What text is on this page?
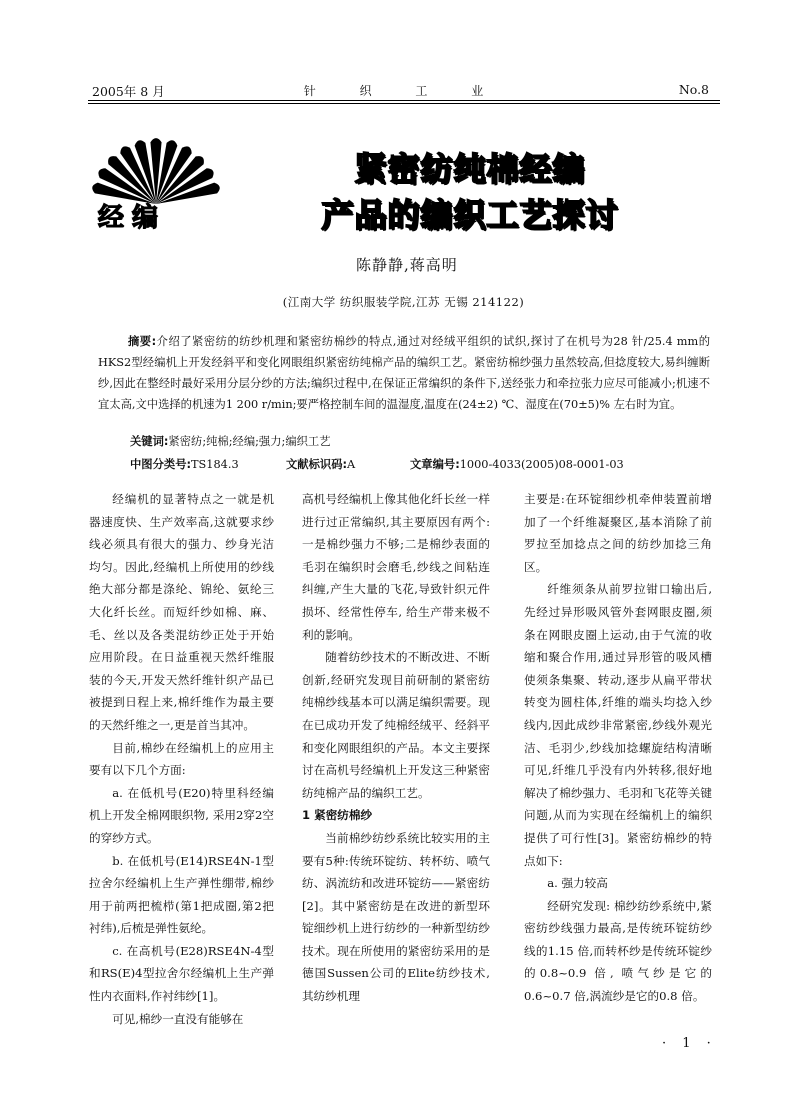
2005年 8 月	针 织 工 业	No.8
经编
紧密纺纯棉经编
产品的编织工艺探讨
陈静静,蒋高明
(江南大学 纺织服装学院,江苏 无锡 214122)
摘要:介绍了紧密纺的纺纱机理和紧密纺棉纱的特点,通过对经绒平组织的试织,探讨了在机号为28 针/25.4 mm的HKS2型经编机上开发经斜平和变化网眼组织紧密纺纯棉产品的编织工艺。紧密纺棉纱强力虽然较高,但捻度较大,易纠缠断纱,因此在整经时最好采用分层分纱的方法;编织过程中,在保证正常编织的条件下,送经张力和牵拉张力应尽可能减小;机速不宜太高,文中选择的机速为1 200 r/min;要严格控制车间的温湿度,温度在(24±2) ℃、湿度在(70±5)% 左右时为宜。
关键词:紧密纺;纯棉;经编;强力;编织工艺
中图分类号:TS184.3	文献标识码:A	文章编号:1000-4033(2005)08-0001-03

经编机的显著特点之一就是机器速度快、生产效率高,这就要求纱线必须具有很大的强力、纱身光洁均匀。因此,经编机上所使用的纱线绝大部分都是涤纶、锦纶、氨纶三大化纤长丝。而短纤纱如棉、麻、毛、丝以及各类混纺纱正处于开始应用阶段。在日益重视天然纤维服装的今天,开发天然纤维针织产品已被提到日程上来,棉纤维作为最主要的天然纤维之一,更是首当其冲。

目前,棉纱在经编机上的应用主要有以下几个方面:

a. 在低机号(E20)特里科经编机上开发全棉网眼织物, 采用2穿2空的穿纱方式。

b. 在低机号(E14)RSE4N-1型拉舍尔经编机上生产弹性绷带,棉纱用于前两把梳栉(第1把成圈,第2把衬纬),后梳是弹性氨纶。

c. 在高机号(E28)RSE4N-4型和RS(E)4型拉舍尔经编机上生产弹性内衣面料,作衬纬纱[1]。

可见,棉纱一直没有能够在

高机号经编机上像其他化纤长丝一样进行过正常编织,其主要原因有两个:一是棉纱强力不够;二是棉纱表面的毛羽在编织时会磨毛,纱线之间粘连纠缠,产生大量的飞花,导致针织元件损坏、经常性停车, 给生产带来极不利的影响。

随着纺纱技术的不断改进、不断创新,经研究发现目前研制的紧密纺纯棉纱线基本可以满足编织需要。现在已成功开发了纯棉经绒平、经斜平和变化网眼组织的产品。本文主要探讨在高机号经编机上开发这三种紧密纺纯棉产品的编织工艺。

1 紧密纺棉纱

当前棉纱纺纱系统比较实用的主要有5种:传统环锭纺、转杯纺、喷气纺、涡流纺和改进环锭纺——紧密纺[2]。其中紧密纺是在改进的新型环锭细纱机上进行纺纱的一种新型纺纱技术。现在所使用的紧密纺采用的是德国Sussen公司的Elite纺纱技术,其纺纱机理

主要是:在环锭细纱机牵伸装置前增加了一个纤维凝聚区,基本消除了前罗拉至加捻点之间的纺纱加捻三角区。

纤维须条从前罗拉钳口输出后,先经过异形吸风管外套网眼皮圈,须条在网眼皮圈上运动,由于气流的收缩和聚合作用,通过异形管的吸风槽使须条集聚、转动,逐步从扁平带状转变为圆柱体,纤维的端头均捻入纱线内,因此成纱非常紧密,纱线外观光洁、毛羽少,纱线加捻螺旋结构清晰可见,纤维几乎没有内外转移,很好地解决了棉纱强力、毛羽和飞花等关键问题,从而为实现在经编机上的编织提供了可行性[3]。紧密纺棉纱的特点如下:

a. 强力较高

经研究发现: 棉纱纺纱系统中,紧密纺纱线强力最高,是传统环锭纺纱线的1.15 倍,而转杯纱是传统环锭纱的0.8~0.9 倍, 喷气纱是它的0.6~0.7 倍,涡流纱是它的0.8 倍。

· 1 ·
